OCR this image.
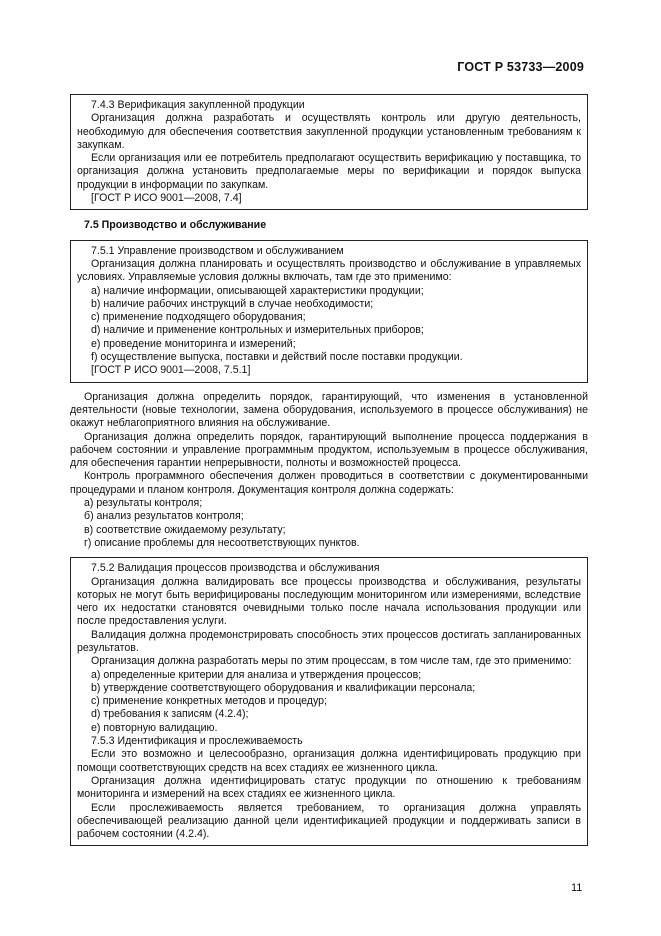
ГОСТ Р 53733—2009

7.4.3 Верификация закупленной продукции

Организация должна разработать и осуществлять контроль или другую деятельность, необходимую для обеспечения соответствия закупленной продукции установленным требованиям к закупкам.

Если организация или ее потребитель предполагают осуществить верификацию у поставщика, то организация должна установить предполагаемые меры по верификации и порядок выпуска продукции в информации по закупкам.

[ГОСТ Р ИСО 9001—2008, 7.4]

7.5 Производство и обслуживание

7.5.1 Управление производством и обслуживанием

Организация должна планировать и осуществлять производство и обслуживание в управляемых условиях. Управляемые условия должны включать, там где это применимо:

а) наличие информации, описывающей характеристики продукции;

b) наличие рабочих инструкций в случае необходимости;

c) применение подходящего оборудования;

d) наличие и применение контрольных и измерительных приборов;

e) проведение мониторинга и измерений;

f) осуществление выпуска, поставки и действий после поставки продукции.

[ГОСТ Р ИСО 9001—2008, 7.5.1]

Организация должна определить порядок, гарантирующий, что изменения в установленной деятельности (новые технологии, замена оборудования, используемого в процессе обслуживания) не окажут неблагоприятного влияния на обслуживание.

Организация должна определить порядок, гарантирующий выполнение процесса поддержания в рабочем состоянии и управление программным продуктом, используемым в процессе обслуживания, для обеспечения гарантии непрерывности, полноты и возможностей процесса.

Контроль программного обеспечения должен проводиться в соответствии с документированными процедурами и планом контроля. Документация контроля должна содержать:

а) результаты контроля;

б) анализ результатов контроля;

в) соответствие ожидаемому результату;

г) описание проблемы для несоответствующих пунктов.

7.5.2 Валидация процессов производства и обслуживания

Организация должна валидировать все процессы производства и обслуживания, результаты которых не могут быть верифицированы последующим мониторингом или измерениями, вследствие чего их недостатки становятся очевидными только после начала использования продукции или после предоставления услуги.

Валидация должна продемонстрировать способность этих процессов достигать запланированных результатов.

Организация должна разработать меры по этим процессам, в том числе там, где это применимо:

а) определенные критерии для анализа и утверждения процессов;

b) утверждение соответствующего оборудования и квалификации персонала;

c) применение конкретных методов и процедур;

d) требования к записям (4.2.4);

e) повторную валидацию.

7.5.3 Идентификация и прослеживаемость

Если это возможно и целесообразно, организация должна идентифицировать продукцию при помощи соответствующих средств на всех стадиях ее жизненного цикла.

Организация должна идентифицировать статус продукции по отношению к требованиям мониторинга и измерений на всех стадиях ее жизненного цикла.

Если прослеживаемость является требованием, то организация должна управлять обеспечивающей реализацию данной цели идентификацией продукции и поддерживать записи в рабочем состоянии (4.2.4).

11
